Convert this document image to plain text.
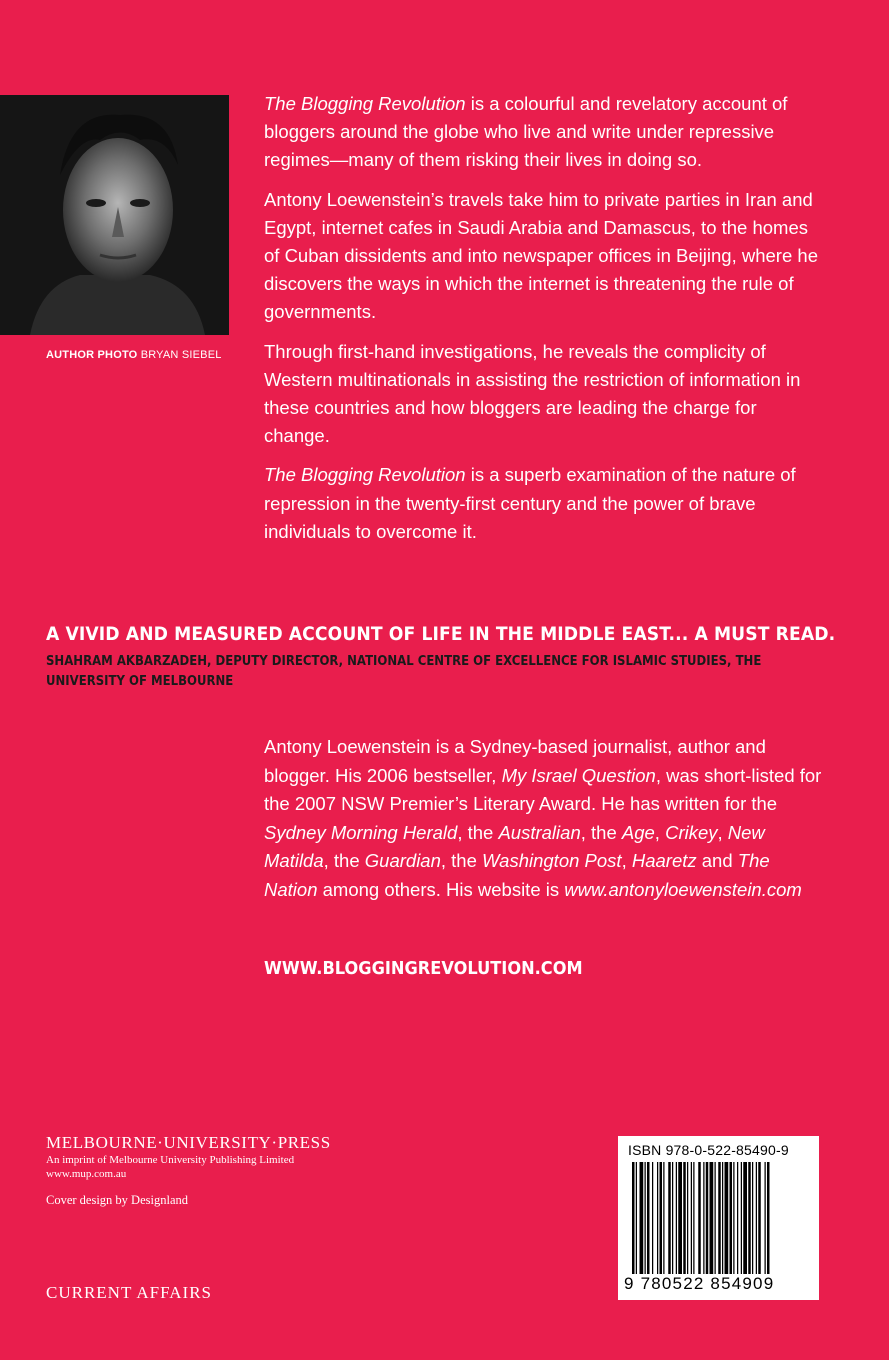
AUTHOR PHOTO BRYAN SIEBEL

The Blogging Revolution is a colourful and revelatory account of bloggers around the globe who live and write under repressive regimes—many of them risking their lives in doing so.

Antony Loewenstein’s travels take him to private parties in Iran and Egypt, internet cafes in Saudi Arabia and Damascus, to the homes of Cuban dissidents and into newspaper offices in Beijing, where he discovers the ways in which the internet is threatening the rule of governments.

Through first-hand investigations, he reveals the complicity of Western multinationals in assisting the restriction of information in these countries and how bloggers are leading the charge for change.

The Blogging Revolution is a superb examination of the nature of repression in the twenty-first century and the power of brave individuals to overcome it.

A VIVID AND MEASURED ACCOUNT OF LIFE IN THE MIDDLE EAST... A MUST READ.
SHAHRAM AKBARZADEH, DEPUTY DIRECTOR, NATIONAL CENTRE OF EXCELLENCE FOR ISLAMIC STUDIES, THE UNIVERSITY OF MELBOURNE
Antony Loewenstein is a Sydney-based journalist, author and blogger. His 2006 bestseller, My Israel Question, was short-listed for the 2007 NSW Premier’s Literary Award. He has written for the Sydney Morning Herald, the Australian, the Age, Crikey, New Matilda, the Guardian, the Washington Post, Haaretz and The Nation among others. His website is www.antonyloewenstein.com
WWW.BLOGGINGREVOLUTION.COM
MELBOURNE·UNIVERSITY·PRESS
An imprint of Melbourne University Publishing Limited
www.mup.com.au
Cover design by Designland
CURRENT AFFAIRS
ISBN 978-0-522-85490-9
9 780522 854909
